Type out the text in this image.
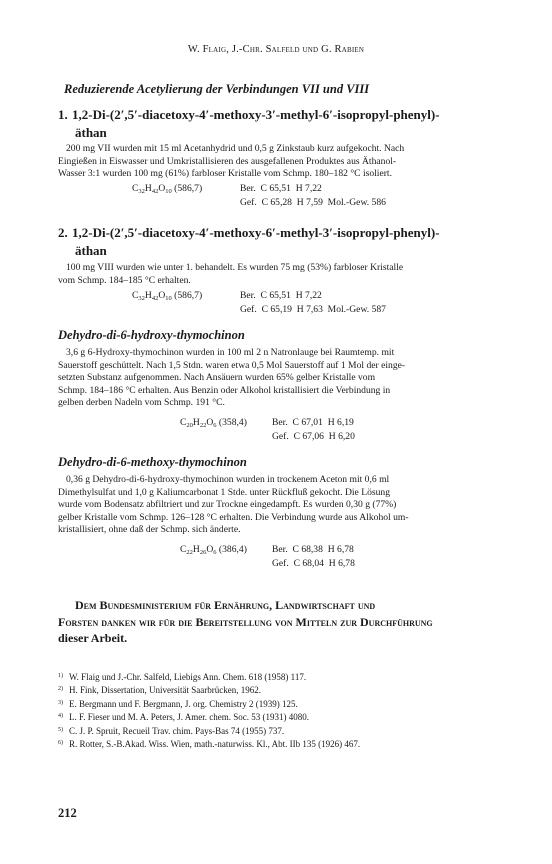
W. Flaig, J.-Chr. Salfeld und G. Rabien
Reduzierende Acetylierung der Verbindungen VII und VIII
1. 1,2-Di-(2′,5′-diacetoxy-4′-methoxy-3′-methyl-6′-isopropyl-phenyl)-
äthan
200 mg VII wurden mit 15 ml Acetanhydrid und 0,5 g Zinkstaub kurz aufgekocht. Nach
Eingießen in Eiswasser und Umkristallisieren des ausgefallenen Produktes aus Äthanol-
Wasser 3:1 wurden 100 mg (61%) farbloser Kristalle vom Schmp. 180–182 °C isoliert.
$C_{32}H_{42}O_{10}$ (586,7)	Ber.  C 65,51  H 7,22
Gef.  C 65,28  H 7,59  Mol.-Gew. 586
2. 1,2-Di-(2′,5′-diacetoxy-4′-methoxy-6′-methyl-3′-isopropyl-phenyl)-
äthan
100 mg VIII wurden wie unter 1. behandelt. Es wurden 75 mg (53%) farbloser Kristalle
vom Schmp. 184–185 °C erhalten.
$C_{32}H_{42}O_{10}$ (586,7)	Ber.  C 65,51  H 7,22
Gef.  C 65,19  H 7,63  Mol.-Gew. 587
Dehydro-di-6-hydroxy-thymochinon
3,6 g 6-Hydroxy-thymochinon wurden in 100 ml 2 n Natronlauge bei Raumtemp. mit
Sauerstoff geschüttelt. Nach 1,5 Stdn. waren etwa 0,5 Mol Sauerstoff auf 1 Mol der einge-
setzten Substanz aufgenommen. Nach Ansäuern wurden 65% gelber Kristalle vom
Schmp. 184–186 °C erhalten. Aus Benzin oder Alkohol kristallisiert die Verbindung in
gelben derben Nadeln vom Schmp. 191 °C.
$C_{20}H_{22}O_6$ (358,4)	Ber.  C 67,01  H 6,19
Gef.  C 67,06  H 6,20
Dehydro-di-6-methoxy-thymochinon
0,36 g Dehydro-di-6-hydroxy-thymochinon wurden in trockenem Aceton mit 0,6 ml
Dimethylsulfat und 1,0 g Kaliumcarbonat 1 Stde. unter Rückfluß gekocht. Die Lösung
wurde vom Bodensatz abfiltriert und zur Trockne eingedampft. Es wurden 0,30 g (77%)
gelber Kristalle vom Schmp. 126–128 °C erhalten. Die Verbindung wurde aus Alkohol um-
kristallisiert, ohne daß der Schmp. sich änderte.
$C_{22}H_{26}O_6$ (386,4)	Ber.  C 68,38  H 6,78
Gef.  C 68,04  H 6,78
Dem Bundesministerium für Ernährung, Landwirtschaft und
Forsten danken wir für die Bereitstellung von Mitteln zur Durchführung
dieser Arbeit.
$^{1)}$ W. Flaig und J.-Chr. Salfeld, Liebigs Ann. Chem. 618 (1958) 117.
$^{2)}$ H. Fink, Dissertation, Universität Saarbrücken, 1962.
$^{3)}$ E. Bergmann und F. Bergmann, J. org. Chemistry 2 (1939) 125.
$^{4)}$ L. F. Fieser und M. A. Peters, J. Amer. chem. Soc. 53 (1931) 4080.
$^{5)}$ C. J. P. Spruit, Recueil Trav. chim. Pays-Bas 74 (1955) 737.
$^{6)}$ R. Rotter, S.-B.Akad. Wiss. Wien, math.-naturwiss. Kl., Abt. IIb 135 (1926) 467.
212
